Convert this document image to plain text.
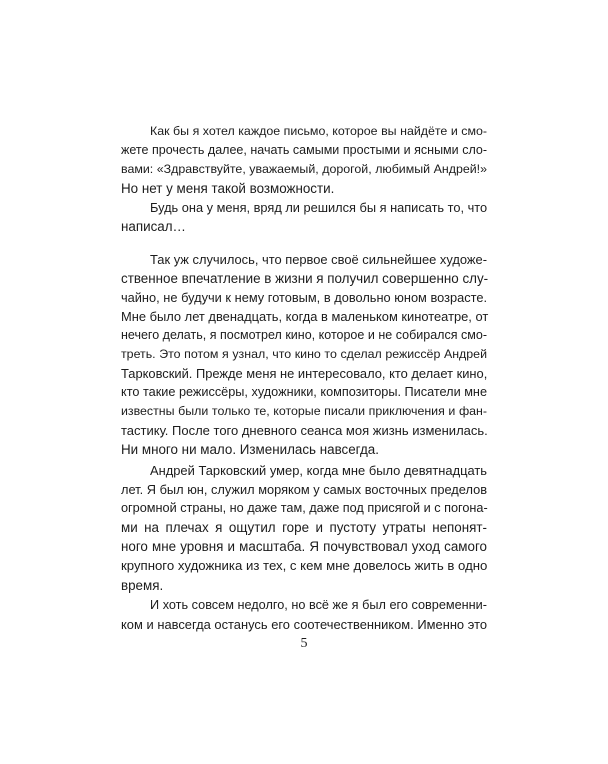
Как бы я хотел каждое письмо, которое вы найдёте и смо-

жете прочесть далее, начать самыми простыми и ясными сло-

вами: «Здравствуйте, уважаемый, дорогой, любимый Андрей!»

Но нет у меня такой возможности.

Будь она у меня, вряд ли решился бы я написать то, что

написал…

Так уж случилось, что первое своё сильнейшее художе-

ственное впечатление в жизни я получил совершенно слу-

чайно, не будучи к нему готовым, в довольно юном возрасте.

Мне было лет двенадцать, когда в маленьком кинотеатре, от

нечего делать, я посмотрел кино, которое и не собирался смо-

треть. Это потом я узнал, что кино то сделал режиссёр Андрей

Тарковский. Прежде меня не интересовало, кто делает кино,

кто такие режиссёры, художники, композиторы. Писатели мне

известны были только те, которые писали приключения и фан-

тастику. После того дневного сеанса моя жизнь изменилась.

Ни много ни мало. Изменилась навсегда.

Андрей Тарковский умер, когда мне было девятнадцать

лет. Я был юн, служил моряком у самых восточных пределов

огромной страны, но даже там, даже под присягой и с погона-

ми на плечах я ощутил горе и пустоту утраты непонят-

ного мне уровня и масштаба. Я почувствовал уход самого

крупного художника из тех, с кем мне довелось жить в одно

время.

И хоть совсем недолго, но всё же я был его современни-

ком и навсегда останусь его соотечественником. Именно это

5
